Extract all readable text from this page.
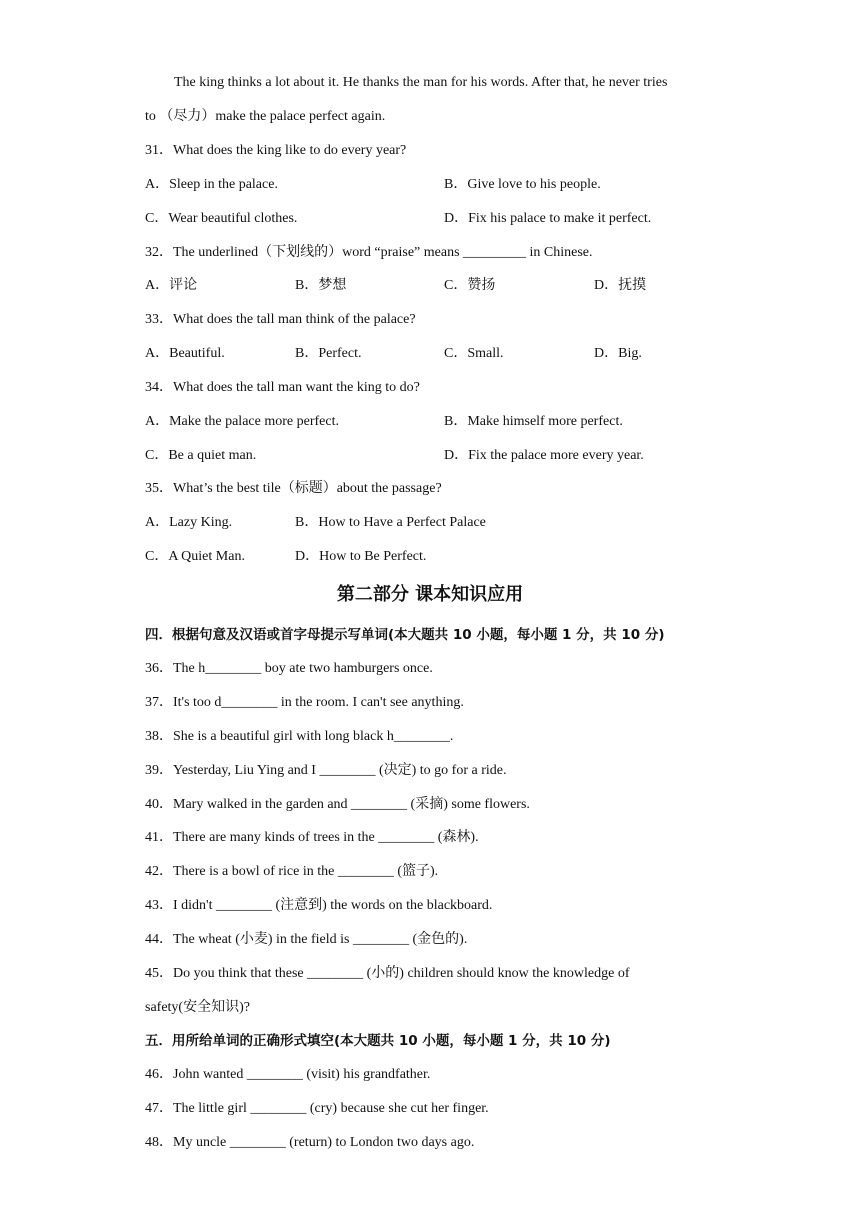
The king thinks a lot about it. He thanks the man for his words. After that, he never tries
to （尽力）make the palace perfect again.
31．What does the king like to do every year?
A．Sleep in the palace.	B．Give love to his people.
C．Wear beautiful clothes.	D．Fix his palace to make it perfect.
32．The underlined（下划线的）word “praise” means _________ in Chinese.
A．评论	B．梦想	C．赞扬	D．抚摸
33．What does the tall man think of the palace?
A．Beautiful.	B．Perfect.	C．Small.	D．Big.
34．What does the tall man want the king to do?
A．Make the palace more perfect.	B．Make himself more perfect.
C．Be a quiet man.	D．Fix the palace more every year.
35．What’s the best tile（标题）about the passage?
A．Lazy King.	B．How to Have a Perfect Palace
C．A Quiet Man.	D．How to Be Perfect.
第二部分 课本知识应用
四．根据句意及汉语或首字母提示写单词(本大题共 10 小题，每小题 1 分，共 10 分)
36．The h________ boy ate two hamburgers once.
37．It's too d________ in the room. I can't see anything.
38．She is a beautiful girl with long black h________.
39．Yesterday, Liu Ying and I ________ (决定) to go for a ride.
40．Mary walked in the garden and ________ (采摘) some flowers.
41．There are many kinds of trees in the ________ (森林).
42．There is a bowl of rice in the ________ (篮子).
43．I didn't ________ (注意到) the words on the blackboard.
44．The wheat (小麦) in the field is ________ (金色的).
45．Do you think that these ________ (小的) children should know the knowledge of
safety(安全知识)?
五．用所给单词的正确形式填空(本大题共 10 小题，每小题 1 分，共 10 分)
46．John wanted ________ (visit) his grandfather.
47．The little girl ________ (cry) because she cut her finger.
48．My uncle ________ (return) to London two days ago.
